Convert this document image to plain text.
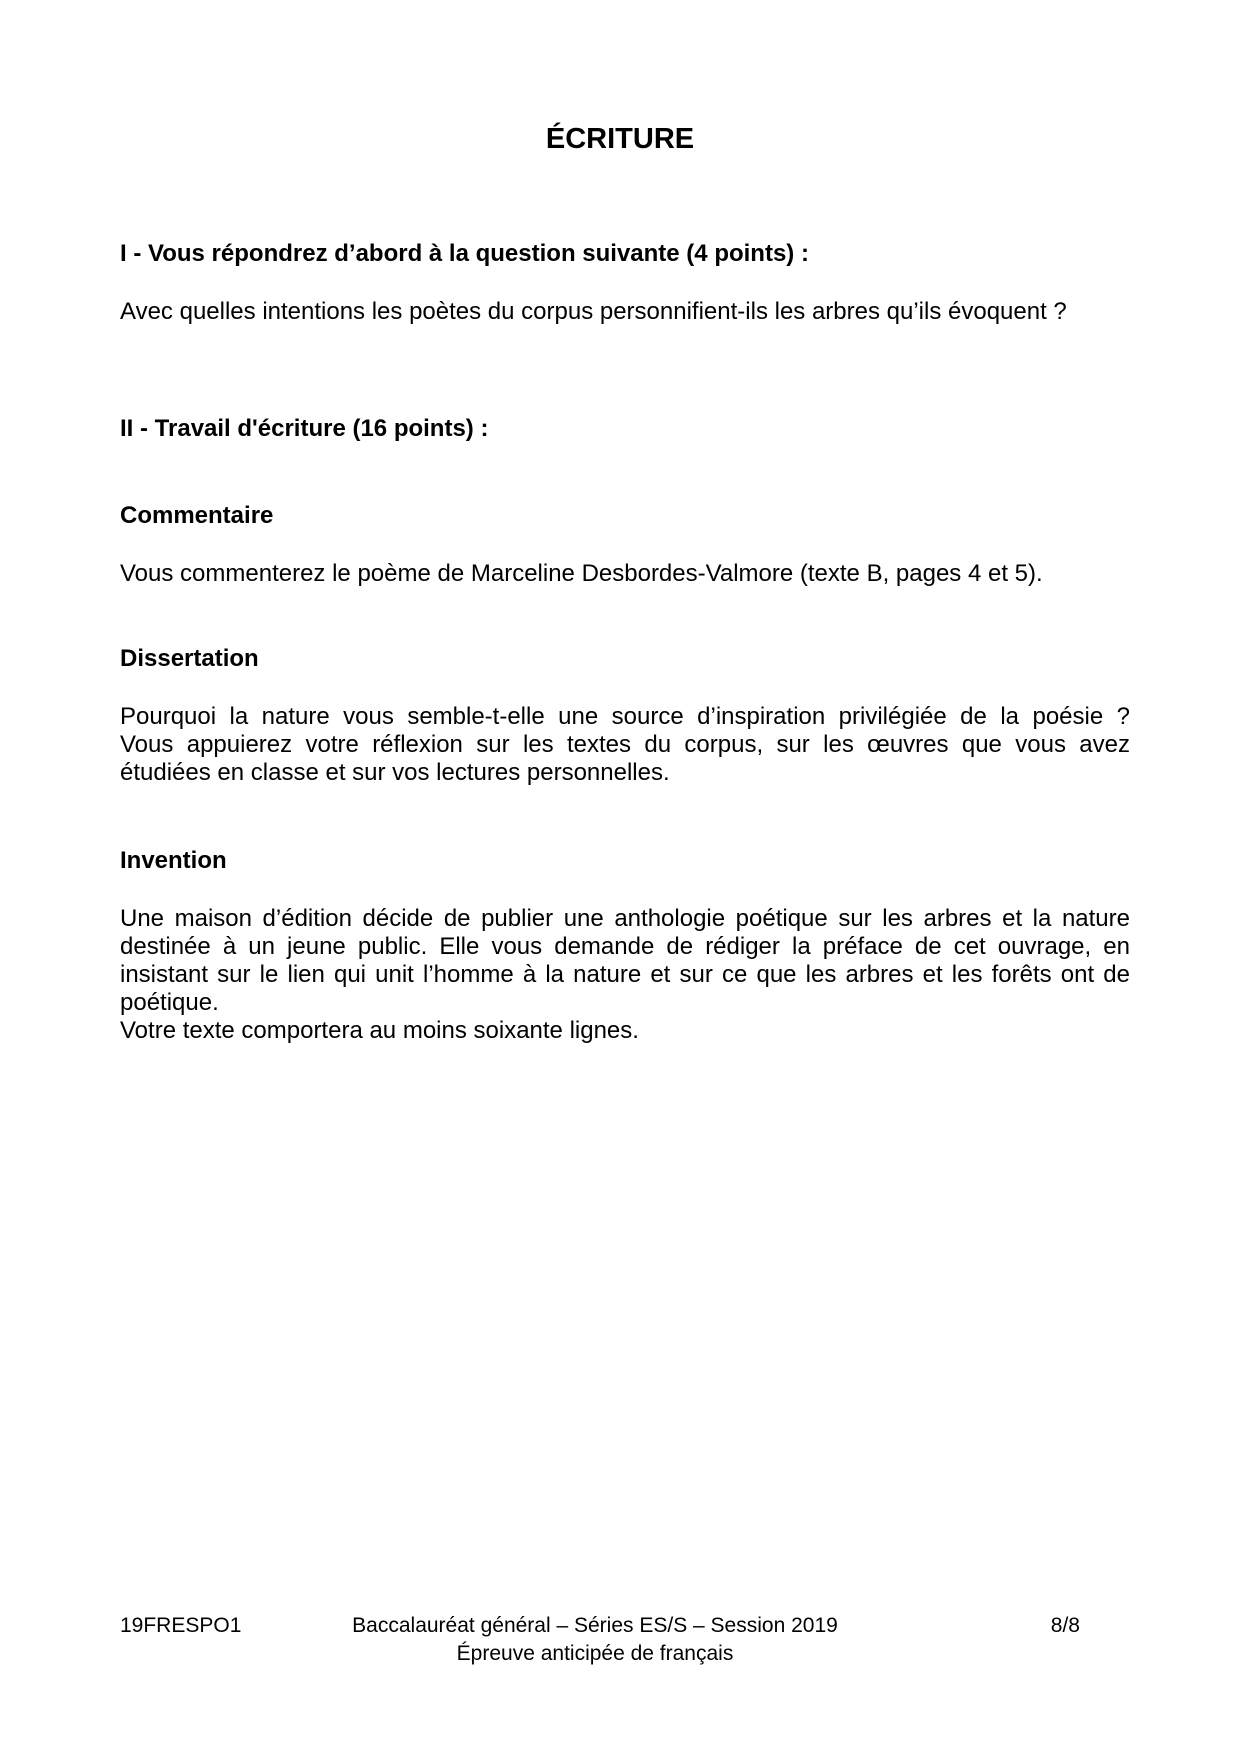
ÉCRITURE
I - Vous répondrez d’abord à la question suivante (4 points) :
Avec quelles intentions les poètes du corpus personnifient-ils les arbres qu’ils évoquent ?
II - Travail d'écriture (16 points) :
Commentaire
Vous commenterez le poème de Marceline Desbordes-Valmore (texte B, pages 4 et 5).
Dissertation
Pourquoi la nature vous semble-t-elle une source d’inspiration privilégiée de la poésie ?
Vous appuierez votre réflexion sur les textes du corpus, sur les œuvres que vous avez
étudiées en classe et sur vos lectures personnelles.
Invention
Une maison d’édition décide de publier une anthologie poétique sur les arbres et la nature
destinée à un jeune public. Elle vous demande de rédiger la préface de cet ouvrage, en
insistant sur le lien qui unit l’homme à la nature et sur ce que les arbres et les forêts ont de
poétique.
Votre texte comportera au moins soixante lignes.
19FRESPO1	Baccalauréat général – Séries ES/S – Session 2019
Épreuve anticipée de français
8/8
